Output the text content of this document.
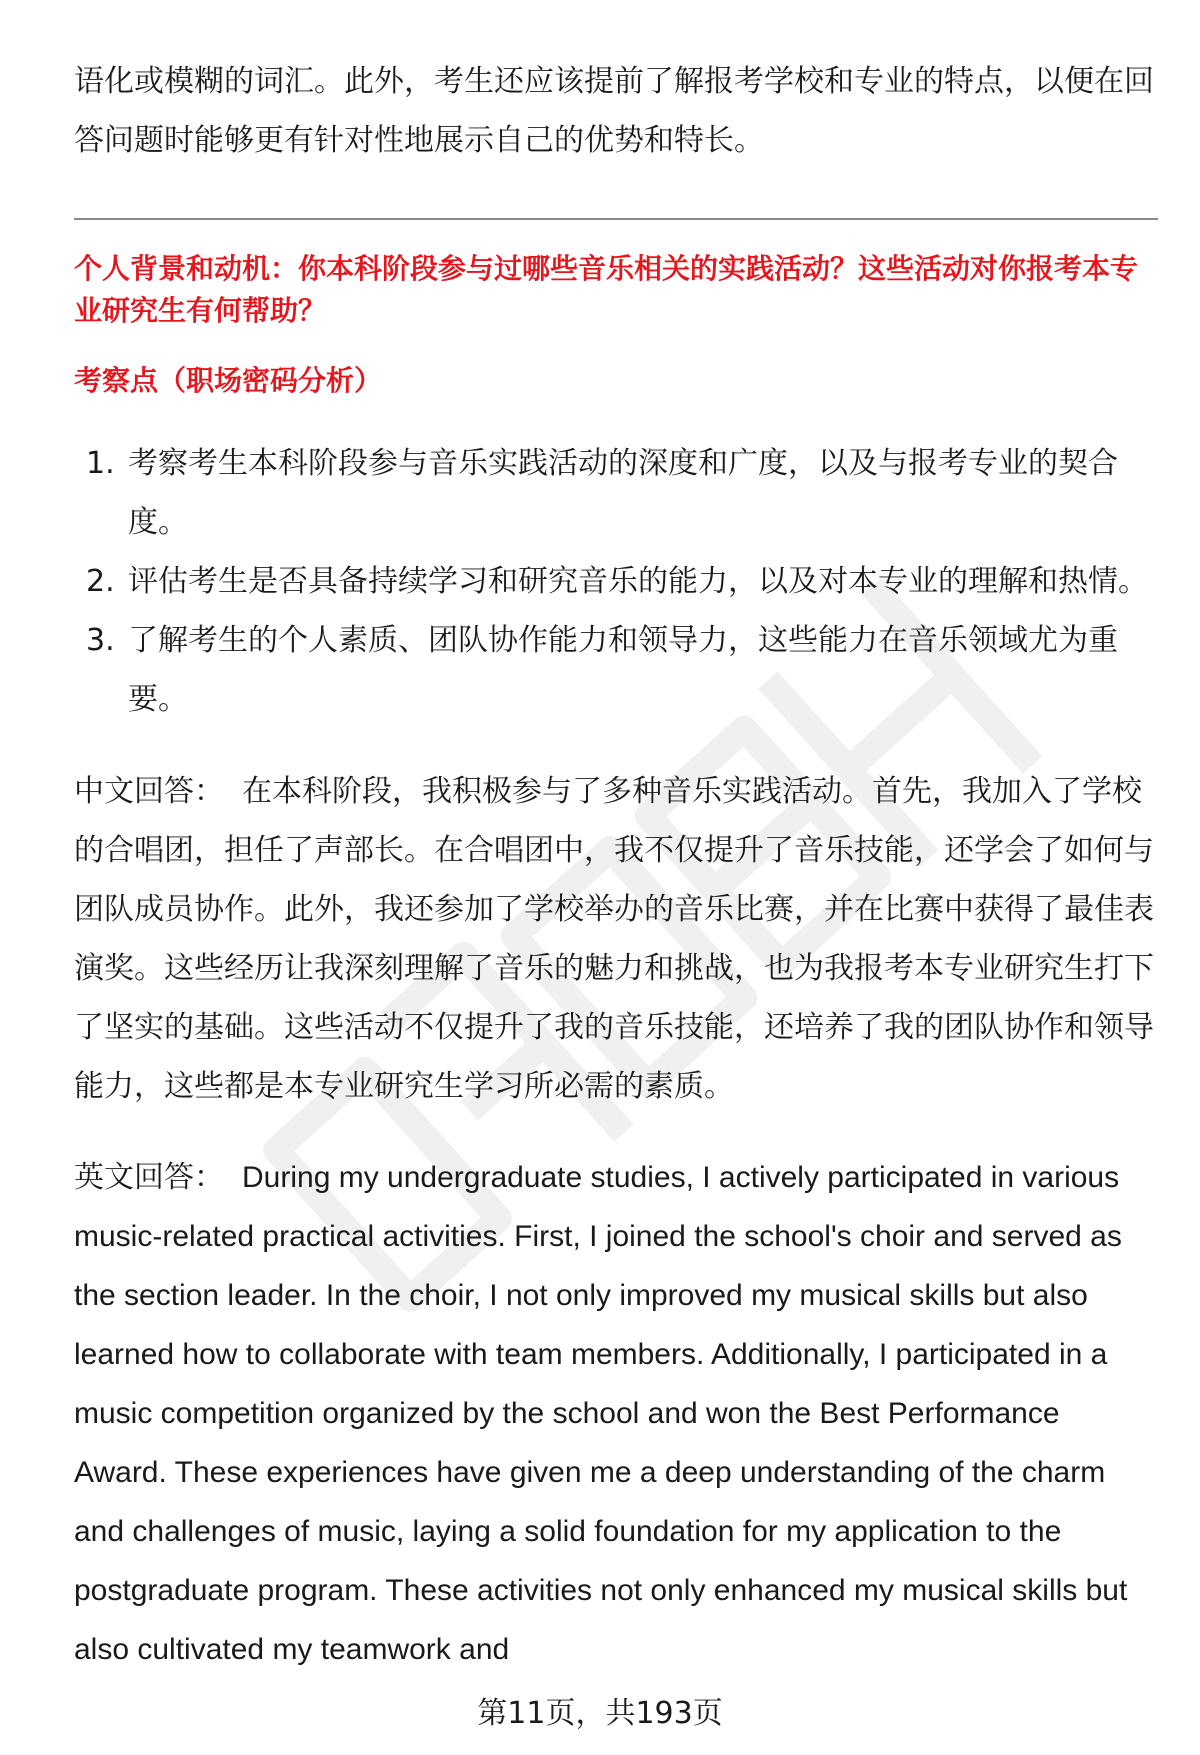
语化或模糊的词汇。此外，考生还应该提前了解报考学校和专业的特点，以便在回答问题时能够更有针对性地展示自己的优势和特长。

个人背景和动机：你本科阶段参与过哪些音乐相关的实践活动？这些活动对你报考本专业研究生有何帮助？

考察点（职场密码分析）

1. 考察考生本科阶段参与音乐实践活动的深度和广度，以及与报考专业的契合度。
2. 评估考生是否具备持续学习和研究音乐的能力，以及对本专业的理解和热情。
3. 了解考生的个人素质、团队协作能力和领导力，这些能力在音乐领域尤为重要。

中文回答： 在本科阶段，我积极参与了多种音乐实践活动。首先，我加入了学校的合唱团，担任了声部长。在合唱团中，我不仅提升了音乐技能，还学会了如何与团队成员协作。此外，我还参加了学校举办的音乐比赛，并在比赛中获得了最佳表演奖。这些经历让我深刻理解了音乐的魅力和挑战，也为我报考本专业研究生打下了坚实的基础。这些活动不仅提升了我的音乐技能，还培养了我的团队协作和领导能力，这些都是本专业研究生学习所必需的素质。

英文回答： During my undergraduate studies, I actively participated in various music-related practical activities. First, I joined the school's choir and served as the section leader. In the choir, I not only improved my musical skills but also learned how to collaborate with team members. Additionally, I participated in a music competition organized by the school and won the Best Performance Award. These experiences have given me a deep understanding of the charm and challenges of music, laying a solid foundation for my application to the postgraduate program. These activities not only enhanced my musical skills but also cultivated my teamwork and

第11页，共193页
